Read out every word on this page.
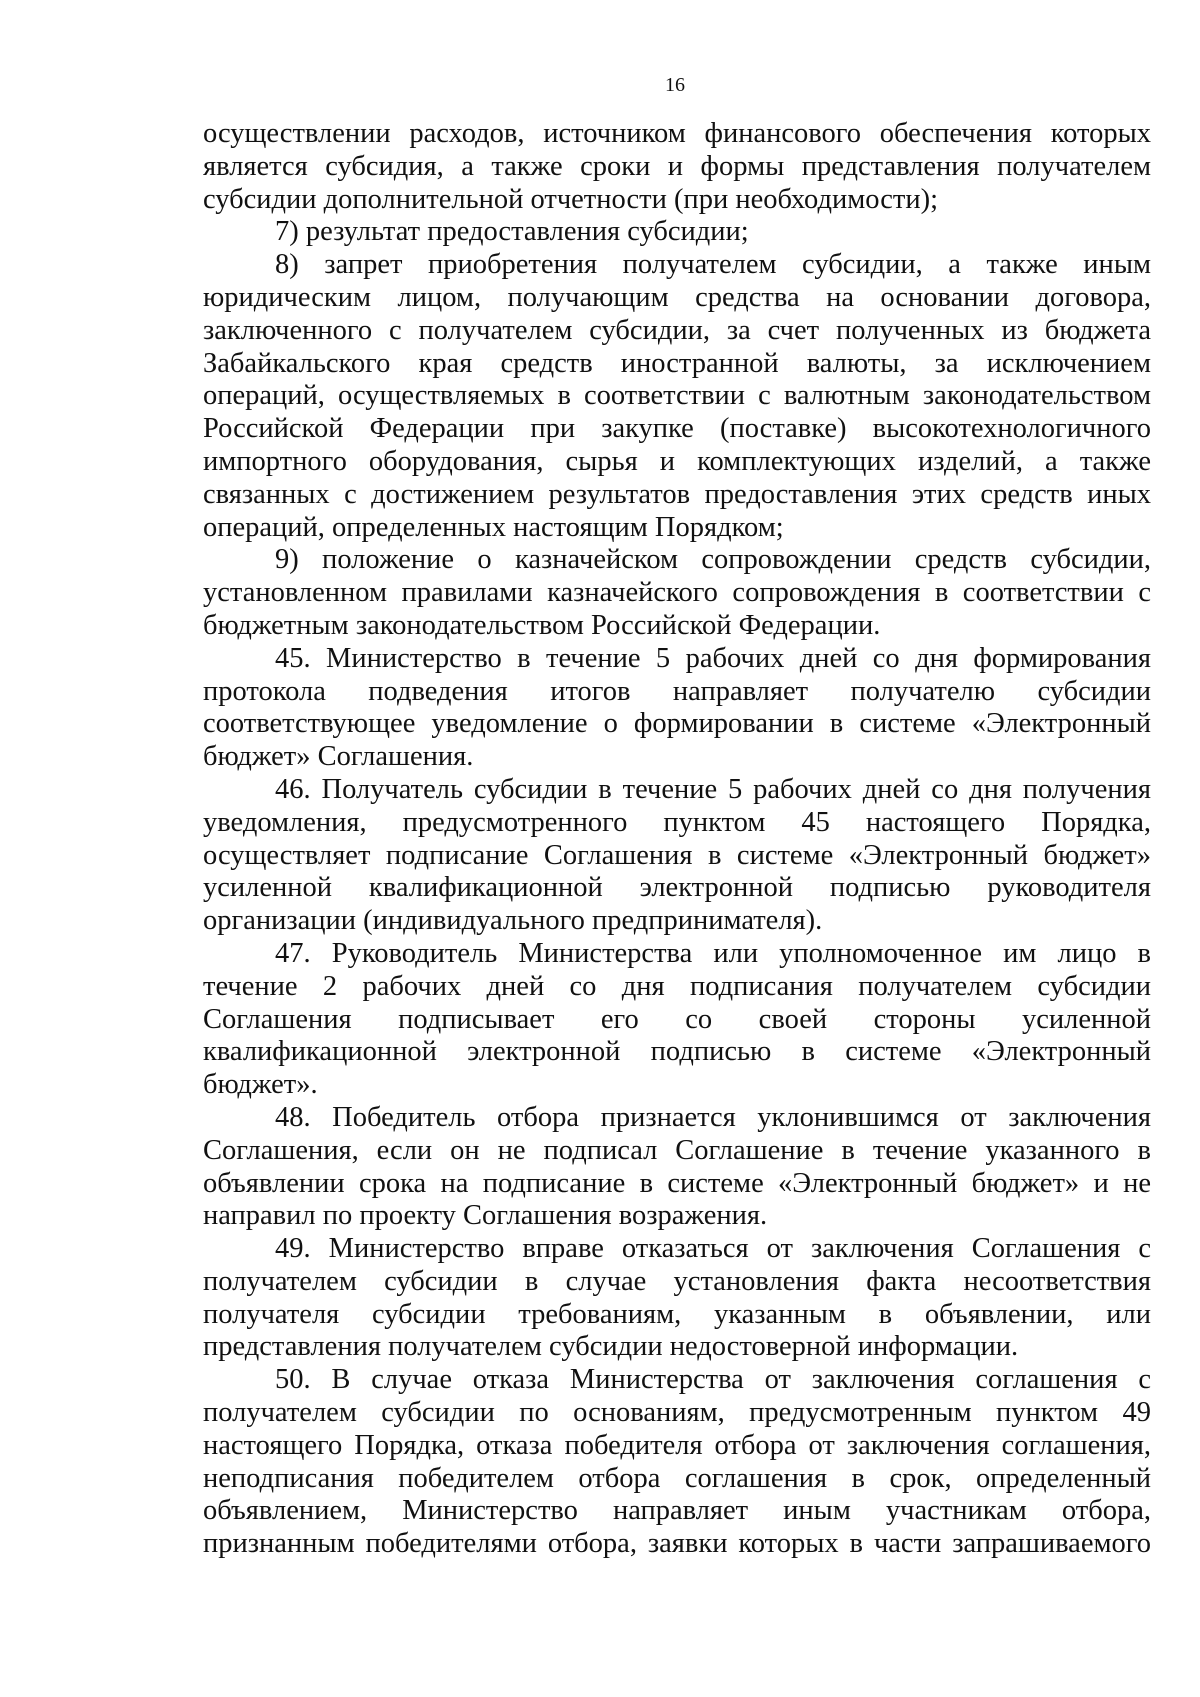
16

осуществлении расходов, источником финансового обеспечения которых является субсидия, а также сроки и формы представления получателем субсидии дополнительной отчетности (при необходимости);

7) результат предоставления субсидии;

8) запрет приобретения получателем субсидии, а также иным юридическим лицом, получающим средства на основании договора, заключенного с получателем субсидии, за счет полученных из бюджета Забайкальского края средств иностранной валюты, за исключением операций, осуществляемых в соответствии с валютным законодательством Российской Федерации при закупке (поставке) высокотехнологичного импортного оборудования, сырья и комплектующих изделий, а также связанных с достижением результатов предоставления этих средств иных операций, определенных настоящим Порядком;

9) положение о казначейском сопровождении средств субсидии, установленном правилами казначейского сопровождения в соответствии с бюджетным законодательством Российской Федерации.

45. Министерство в течение 5 рабочих дней со дня формирования протокола подведения итогов направляет получателю субсидии соответствующее уведомление о формировании в системе «Электронный бюджет» Соглашения.

46. Получатель субсидии в течение 5 рабочих дней со дня получения уведомления, предусмотренного пунктом 45 настоящего Порядка, осуществляет подписание Соглашения в системе «Электронный бюджет» усиленной квалификационной электронной подписью руководителя организации (индивидуального предпринимателя).

47. Руководитель Министерства или уполномоченное им лицо в течение 2 рабочих дней со дня подписания получателем субсидии Соглашения подписывает его со своей стороны усиленной квалификационной электронной подписью в системе «Электронный бюджет».

48. Победитель отбора признается уклонившимся от заключения Соглашения, если он не подписал Соглашение в течение указанного в объявлении срока на подписание в системе «Электронный бюджет» и не направил по проекту Соглашения возражения.

49. Министерство вправе отказаться от заключения Соглашения с получателем субсидии в случае установления факта несоответствия получателя субсидии требованиям, указанным в объявлении, или представления получателем субсидии недостоверной информации.

50. В случае отказа Министерства от заключения соглашения с получателем субсидии по основаниям, предусмотренным пунктом 49 настоящего Порядка, отказа победителя отбора от заключения соглашения, неподписания победителем отбора соглашения в срок, определенный объявлением, Министерство направляет иным участникам отбора, признанным победителями отбора, заявки которых в части запрашиваемого
